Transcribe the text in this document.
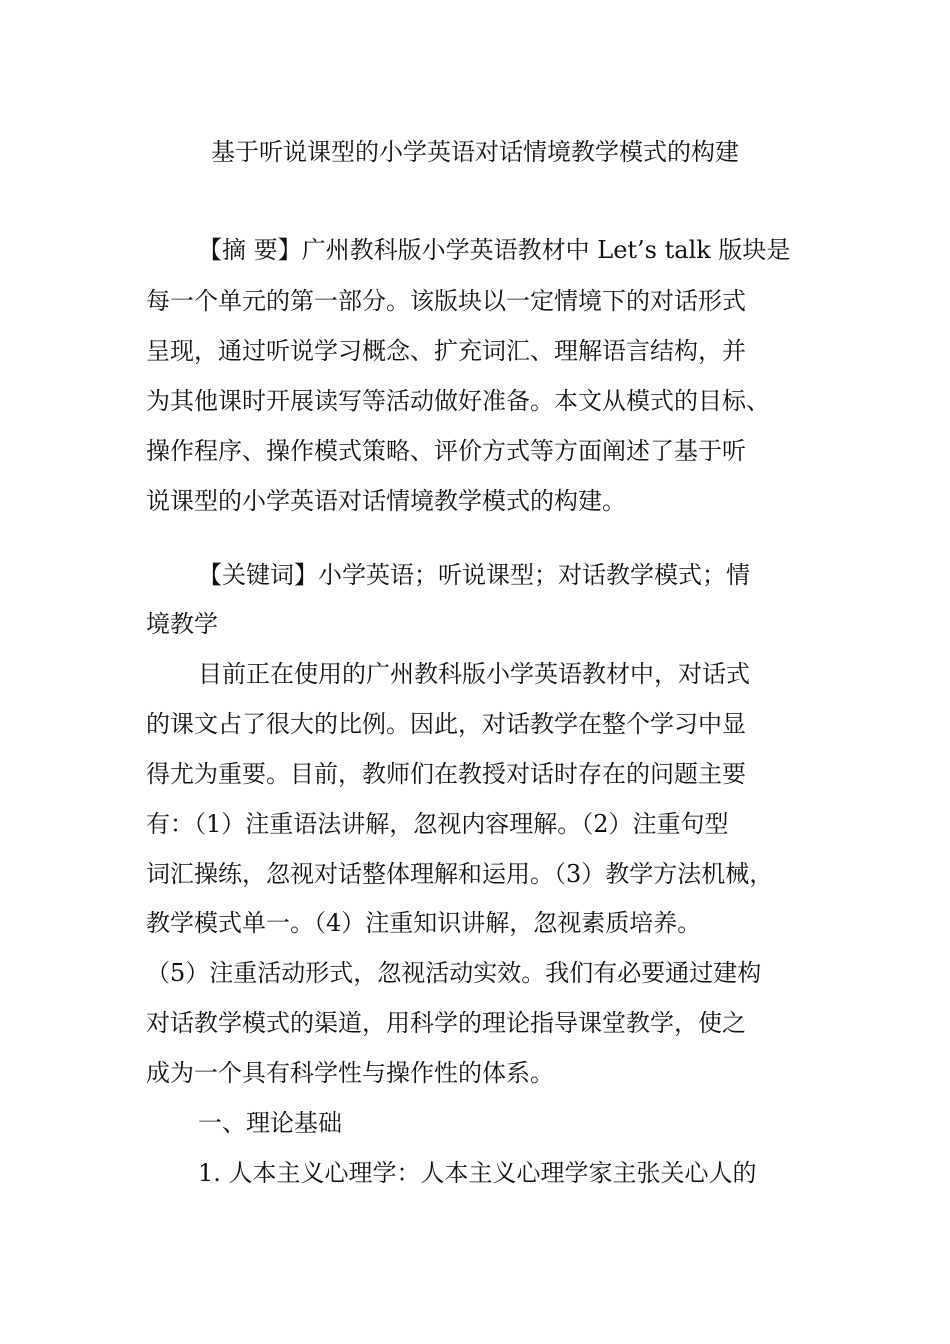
基于听说课型的小学英语对话情境教学模式的构建
【摘 要】广州教科版小学英语教材中 Let’s talk 版块是
每一个单元的第一部分。该版块以一定情境下的对话形式
呈现，通过听说学习概念、扩充词汇、理解语言结构，并
为其他课时开展读写等活动做好准备。本文从模式的目标、
操作程序、操作模式策略、评价方式等方面阐述了基于听
说课型的小学英语对话情境教学模式的构建。
【关键词】小学英语；听说课型；对话教学模式；情
境教学
目前正在使用的广州教科版小学英语教材中，对话式
的课文占了很大的比例。因此，对话教学在整个学习中显
得尤为重要。目前，教师们在教授对话时存在的问题主要
有：（1）注重语法讲解，忽视内容理解。（2）注重句型
词汇操练，忽视对话整体理解和运用。（3）教学方法机械，
教学模式单一。（4）注重知识讲解，忽视素质培养。
（5）注重活动形式，忽视活动实效。我们有必要通过建构
对话教学模式的渠道，用科学的理论指导课堂教学，使之
成为一个具有科学性与操作性的体系。
一、理论基础
1. 人本主义心理学：人本主义心理学家主张关心人的
